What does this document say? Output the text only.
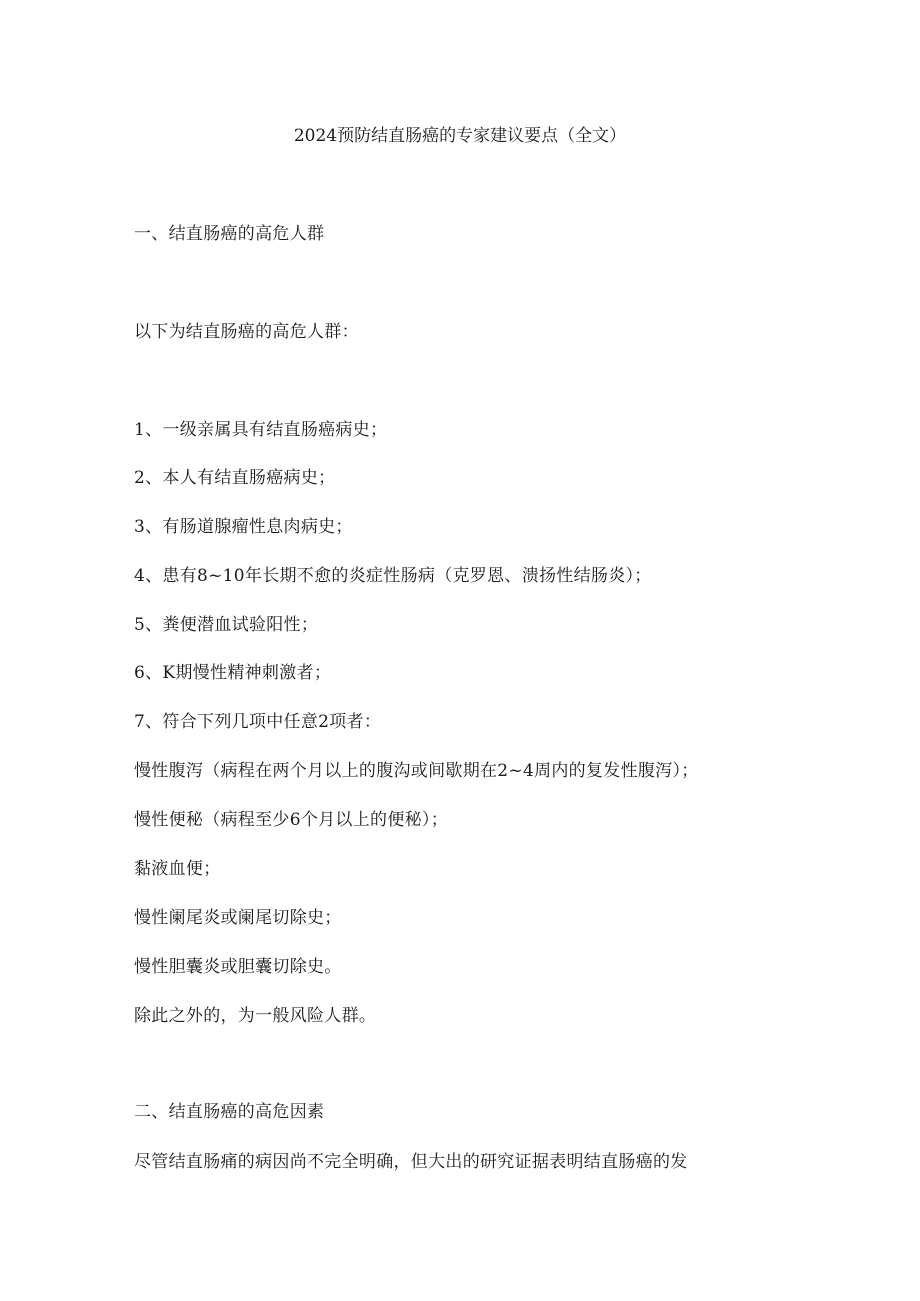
2024预防结直肠癌的专家建议要点（全文）
一、结直肠癌的高危人群
以下为结直肠癌的高危人群：
1、一级亲属具有结直肠癌病史；
2、本人有结直肠癌病史；
3、有肠道腺瘤性息肉病史；
4、患有8~10年长期不愈的炎症性肠病（克罗恩、溃扬性结肠炎）；
5、粪便潜血试验阳性；
6、K期慢性精神刺激者；
7、符合下列几项中任意2项者：
慢性腹泻（病程在两个月以上的腹沟或间歇期在2~4周内的复发性腹泻）；
慢性便秘（病程至少6个月以上的便秘）；
黏液血便；
慢性阑尾炎或阑尾切除史；
慢性胆囊炎或胆囊切除史。
除此之外的，为一般风险人群。
二、结直肠癌的高危因素
尽管结直肠痛的病因尚不完全明确，但大出的研究证据表明结直肠癌的发
